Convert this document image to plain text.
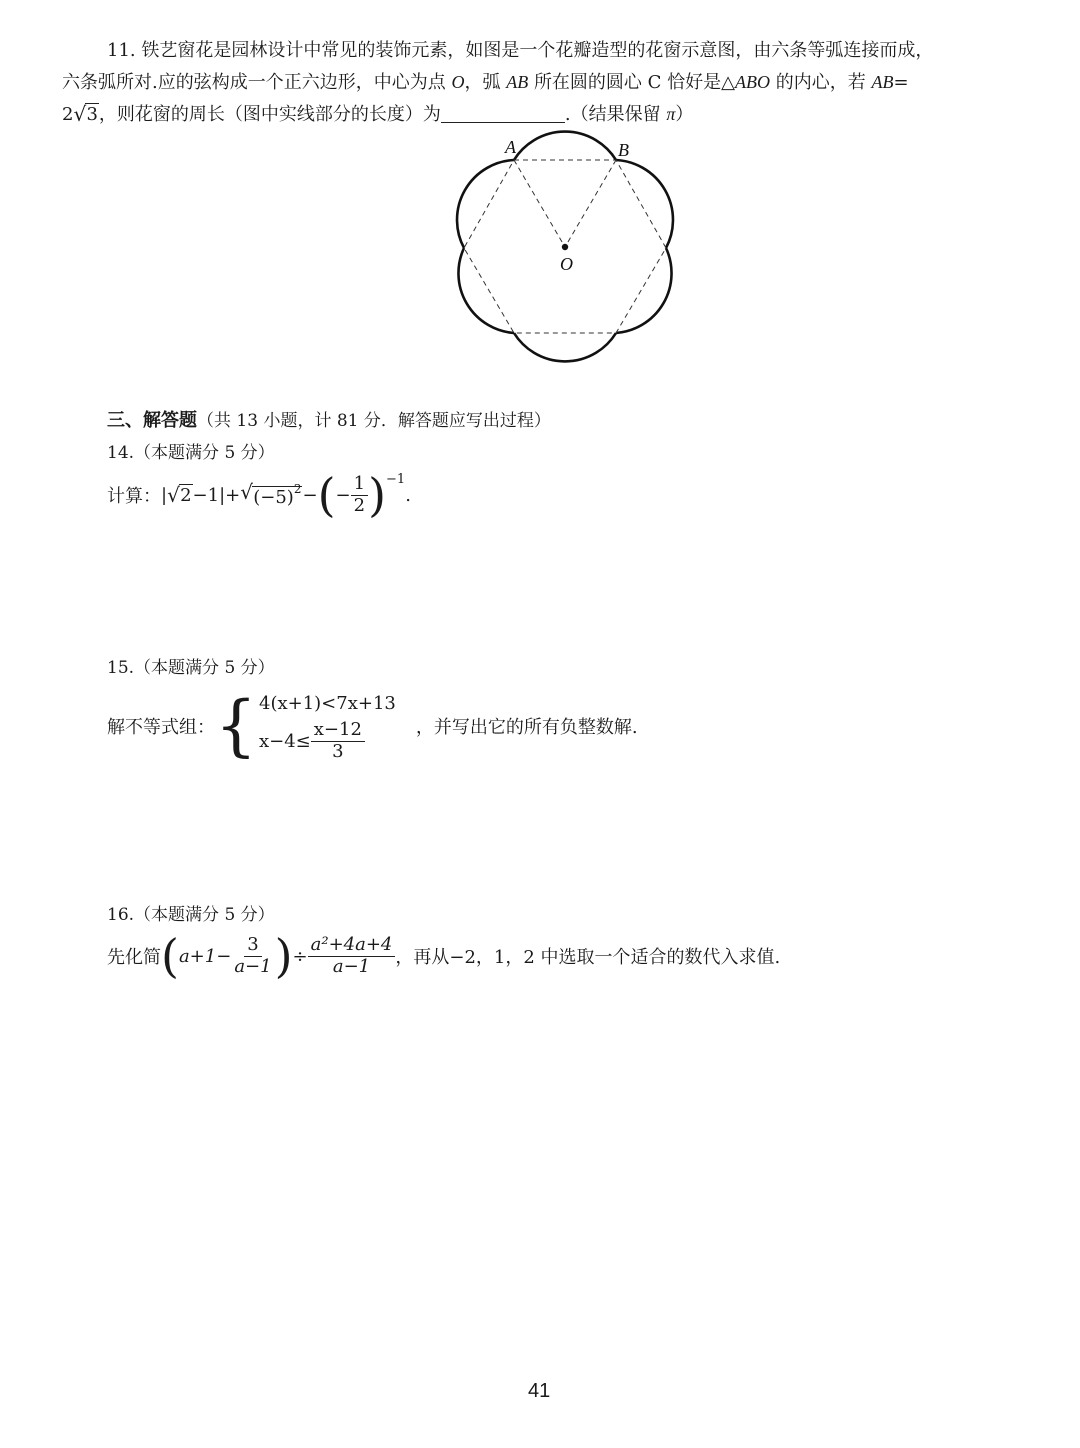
11. 铁艺窗花是园林设计中常见的装饰元素，如图是一个花瓣造型的花窗示意图，由六条等弧连接而成，
六条弧所对.应的弦构成一个正六边形，中心为点 O，弧 AB 所在圆的圆心 C 恰好是△ABO 的内心，若 AB=
2 √ 3，则花窗的周长（图中实线部分的长度）为	.（结果保留 π）
A	B
O
三、解答题（共 13 小题，计 81 分．解答题应写出过程）
14.（本题满分 5 分）
计算： | √ 2 −1 | + √ $(-5)^2$ − ( − $\frac{1}{2}$ ) −1
.
15.（本题满分 5 分）
解不等式组： { 4(x+1)<7x+13
$x-4\le \frac{x-12}{3}$	，并写出它的所有负整数解.
16.（本题满分 5 分）
先化简 ( $a+1- \frac{3}{a-1}$ ) ÷ $\frac{\text{a²+4a+4}}{a-1}$ ，再从−2，1，2 中选取一个适合的数代入求值.
41
